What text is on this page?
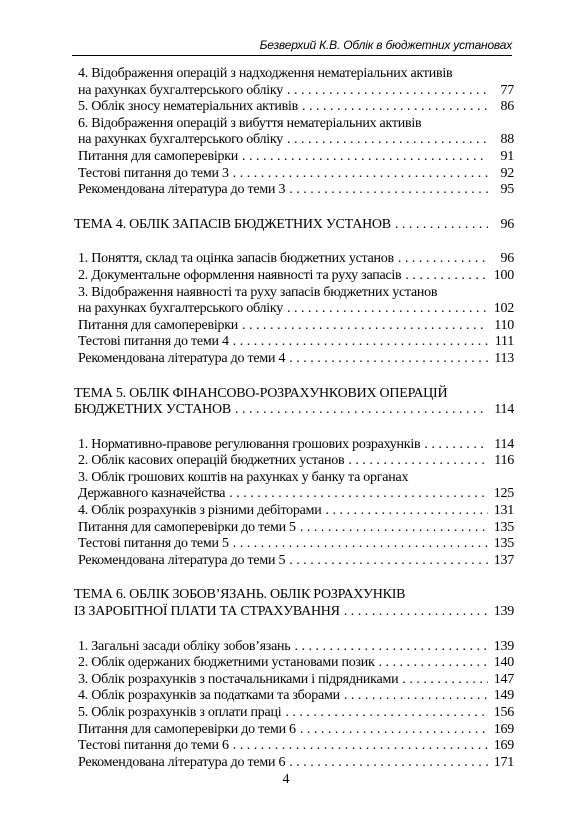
Безверхий К.В. Облік в бюджетних установах
4. Відображення операцій з надходження нематеріальних активів
на рахунках бухгалтерського обліку . . .	77
5. Облік зносу нематеріальних активів . . .	86
6. Відображення операцій з вибуття нематеріальних активів
на рахунках бухгалтерського обліку . . .	88
Питання для самоперевірки . . .	91
Тестові питання до теми 3 . . .	92
Рекомендована література до теми 3 . . .	95
ТЕМА 4. ОБЛІК ЗАПАСІВ БЮДЖЕТНИХ УСТАНОВ . . .	96
1. Поняття, склад та оцінка запасів бюджетних установ . . .	96
2. Документальне оформлення наявності та руху запасів . . .	100
3. Відображення наявності та руху запасів бюджетних установ
на рахунках бухгалтерського обліку . . .	102
Питання для самоперевірки . . .	110
Тестові питання до теми 4 . . .	111
Рекомендована література до теми 4 . . .	113
ТЕМА 5. ОБЛІК ФІНАНСОВО-РОЗРАХУНКОВИХ ОПЕРАЦІЙ
БЮДЖЕТНИХ УСТАНОВ . . .	114
1. Нормативно-правове регулювання грошових розрахунків . . .	114
2. Облік касових операцій бюджетних установ . . .	116
3. Облік грошових коштів на рахунках у банку та органах
Державного казначейства . . .	125
4. Облік розрахунків з різними дебіторами . . .	131
Питання для самоперевірки до теми 5 . . .	135
Тестові питання до теми 5 . . .	135
Рекомендована література до теми 5 . . .	137
ТЕМА 6. ОБЛІК ЗОБОВ’ЯЗАНЬ. ОБЛІК РОЗРАХУНКІВ
ІЗ ЗАРОБІТНОЇ ПЛАТИ ТА СТРАХУВАННЯ . . .	139
1. Загальні засади обліку зобов’язань . . .	139
2. Облік одержаних бюджетними установами позик . . .	140
3. Облік розрахунків з постачальниками і підрядниками . . .	147
4. Облік розрахунків за податками та зборами . . .	149
5. Облік розрахунків з оплати праці . . .	156
Питання для самоперевірки до теми 6 . . .	169
Тестові питання до теми 6 . . .	169
Рекомендована література до теми 6 . . .	171
4
